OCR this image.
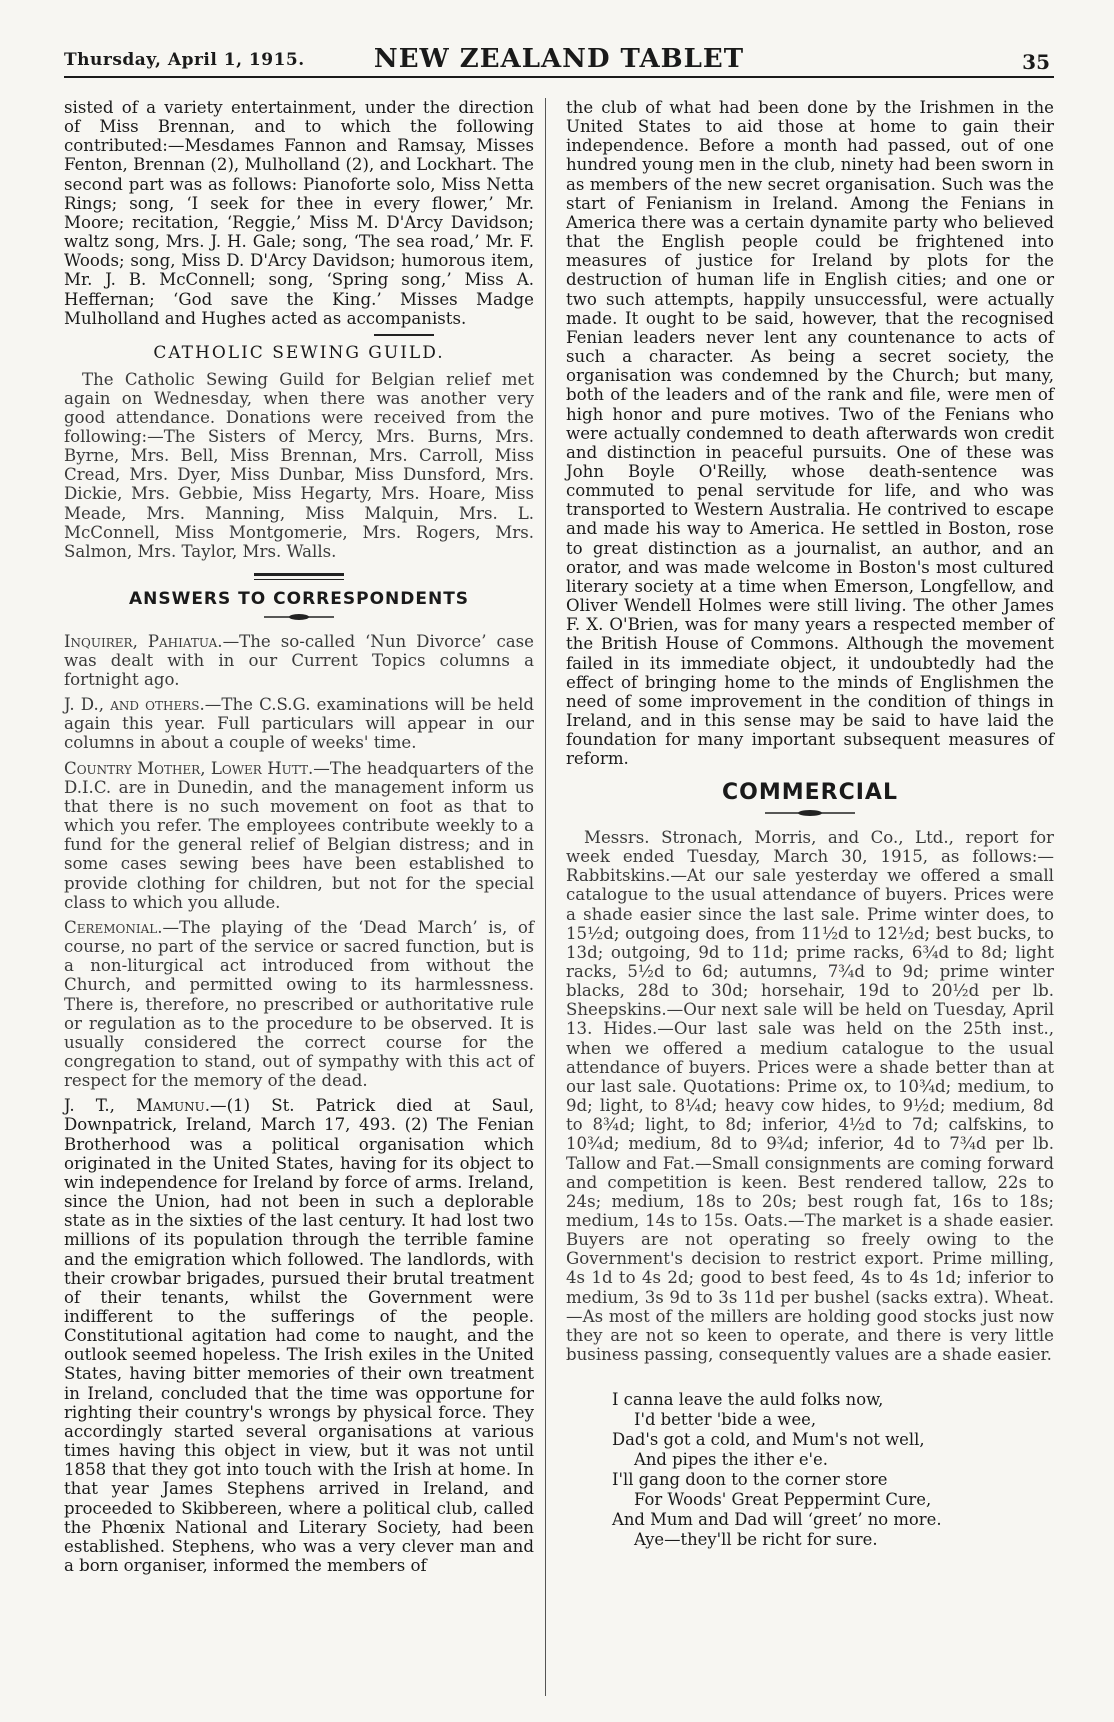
Thursday, April 1, 1915.	NEW ZEALAND TABLET	35

sisted of a variety entertainment, under the direction of Miss Brennan, and to which the following contributed:—Mesdames Fannon and Ramsay, Misses Fenton, Brennan (2), Mulholland (2), and Lockhart. The second part was as follows: Pianoforte solo, Miss Netta Rings; song, ‘I seek for thee in every flower,’ Mr. Moore; recitation, ‘Reggie,’ Miss M. D'Arcy Davidson; waltz song, Mrs. J. H. Gale; song, ‘The sea road,’ Mr. F. Woods; song, Miss D. D'Arcy Davidson; humorous item, Mr. J. B. McConnell; song, ‘Spring song,’ Miss A. Heffernan; ‘God save the King.’ Misses Madge Mulholland and Hughes acted as accompanists.

CATHOLIC SEWING GUILD.

The Catholic Sewing Guild for Belgian relief met again on Wednesday, when there was another very good attendance. Donations were received from the following:—The Sisters of Mercy, Mrs. Burns, Mrs. Byrne, Mrs. Bell, Miss Brennan, Mrs. Carroll, Miss Cread, Mrs. Dyer, Miss Dunbar, Miss Dunsford, Mrs. Dickie, Mrs. Gebbie, Miss Hegarty, Mrs. Hoare, Miss Meade, Mrs. Manning, Miss Malquin, Mrs. L. McConnell, Miss Montgomerie, Mrs. Rogers, Mrs. Salmon, Mrs. Taylor, Mrs. Walls.

ANSWERS TO CORRESPONDENTS
Inquirer, Pahiatua.—The so-called ‘Nun Divorce’ case was dealt with in our Current Topics columns a fortnight ago.
J. D., and others.—The C.S.G. examinations will be held again this year. Full particulars will appear in our columns in about a couple of weeks' time.
Country Mother, Lower Hutt.—The headquarters of the D.I.C. are in Dunedin, and the management inform us that there is no such movement on foot as that to which you refer. The employees contribute weekly to a fund for the general relief of Belgian distress; and in some cases sewing bees have been established to provide clothing for children, but not for the special class to which you allude.
Ceremonial.—The playing of the ‘Dead March’ is, of course, no part of the service or sacred function, but is a non-liturgical act introduced from without the Church, and permitted owing to its harmlessness. There is, therefore, no prescribed or authoritative rule or regulation as to the procedure to be observed. It is usually considered the correct course for the congregation to stand, out of sympathy with this act of respect for the memory of the dead.
J. T., Mamunu.—(1) St. Patrick died at Saul, Downpatrick, Ireland, March 17, 493. (2) The Fenian Brotherhood was a political organisation which originated in the United States, having for its object to win independence for Ireland by force of arms. Ireland, since the Union, had not been in such a deplorable state as in the sixties of the last century. It had lost two millions of its population through the terrible famine and the emigration which followed. The landlords, with their crowbar brigades, pursued their brutal treatment of their tenants, whilst the Government were indifferent to the sufferings of the people. Constitutional agitation had come to naught, and the outlook seemed hopeless. The Irish exiles in the United States, having bitter memories of their own treatment in Ireland, concluded that the time was opportune for righting their country's wrongs by physical force. They accordingly started several organisations at various times having this object in view, but it was not until 1858 that they got into touch with the Irish at home. In that year James Stephens arrived in Ireland, and proceeded to Skibbereen, where a political club, called the Phœnix National and Literary Society, had been established. Stephens, who was a very clever man and a born organiser, informed the members of

the club of what had been done by the Irishmen in the United States to aid those at home to gain their independence. Before a month had passed, out of one hundred young men in the club, ninety had been sworn in as members of the new secret organisation. Such was the start of Fenianism in Ireland. Among the Fenians in America there was a certain dynamite party who believed that the English people could be frightened into measures of justice for Ireland by plots for the destruction of human life in English cities; and one or two such attempts, happily unsuccessful, were actually made. It ought to be said, however, that the recognised Fenian leaders never lent any countenance to acts of such a character. As being a secret society, the organisation was condemned by the Church; but many, both of the leaders and of the rank and file, were men of high honor and pure motives. Two of the Fenians who were actually condemned to death afterwards won credit and distinction in peaceful pursuits. One of these was John Boyle O'Reilly, whose death-sentence was commuted to penal servitude for life, and who was transported to Western Australia. He contrived to escape and made his way to America. He settled in Boston, rose to great distinction as a journalist, an author, and an orator, and was made welcome in Boston's most cultured literary society at a time when Emerson, Longfellow, and Oliver Wendell Holmes were still living. The other James F. X. O'Brien, was for many years a respected member of the British House of Commons. Although the movement failed in its immediate object, it undoubtedly had the effect of bringing home to the minds of Englishmen the need of some improvement in the condition of things in Ireland, and in this sense may be said to have laid the foundation for many important subsequent measures of reform.

COMMERCIAL

Messrs. Stronach, Morris, and Co., Ltd., report for week ended Tuesday, March 30, 1915, as follows:—Rabbitskins.—At our sale yesterday we offered a small catalogue to the usual attendance of buyers. Prices were a shade easier since the last sale. Prime winter does, to 15½d; outgoing does, from 11½d to 12½d; best bucks, to 13d; outgoing, 9d to 11d; prime racks, 6¾d to 8d; light racks, 5½d to 6d; autumns, 7¾d to 9d; prime winter blacks, 28d to 30d; horsehair, 19d to 20½d per lb. Sheepskins.—Our next sale will be held on Tuesday, April 13. Hides.—Our last sale was held on the 25th inst., when we offered a medium catalogue to the usual attendance of buyers. Prices were a shade better than at our last sale. Quotations: Prime ox, to 10¾d; medium, to 9d; light, to 8¼d; heavy cow hides, to 9½d; medium, 8d to 8¾d; light, to 8d; inferior, 4½d to 7d; calfskins, to 10¾d; medium, 8d to 9¾d; inferior, 4d to 7¾d per lb. Tallow and Fat.—Small consignments are coming forward and competition is keen. Best rendered tallow, 22s to 24s; medium, 18s to 20s; best rough fat, 16s to 18s; medium, 14s to 15s. Oats.—The market is a shade easier. Buyers are not operating so freely owing to the Government's decision to restrict export. Prime milling, 4s 1d to 4s 2d; good to best feed, 4s to 4s 1d; inferior to medium, 3s 9d to 3s 11d per bushel (sacks extra). Wheat.—As most of the millers are holding good stocks just now they are not so keen to operate, and there is very little business passing, consequently values are a shade easier.

I canna leave the auld folks now,
I'd better 'bide a wee,
Dad's got a cold, and Mum's not well,
And pipes the ither e'e.
I'll gang doon to the corner store
For Woods' Great Peppermint Cure,
And Mum and Dad will ‘greet’ no more.
Aye—they'll be richt for sure.
